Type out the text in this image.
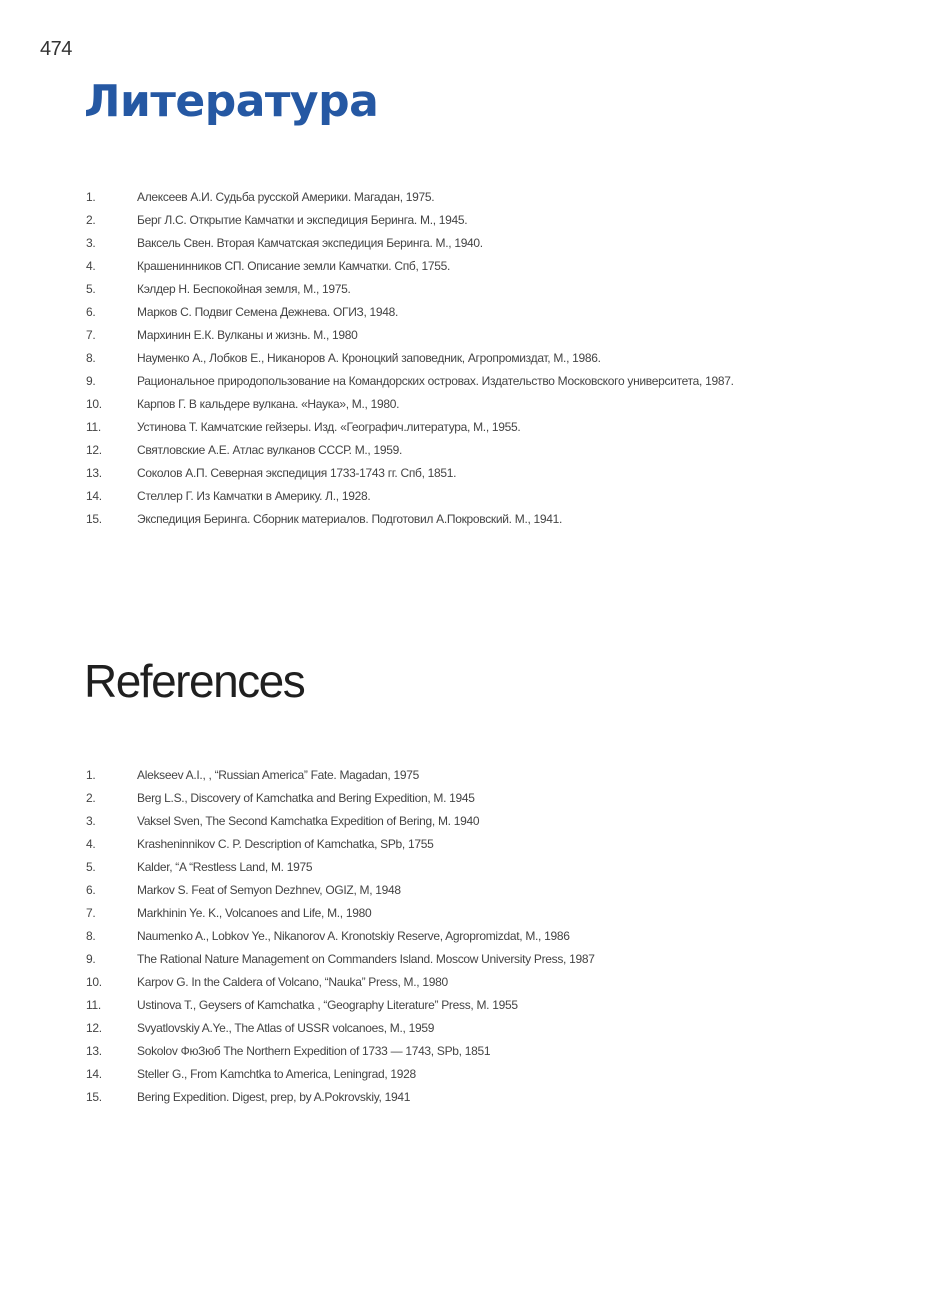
474
Литература
1.	Алексеев А.И. Судьба русской Америки. Магадан, 1975.
2.	Берг Л.С. Открытие Камчатки и экспедиция Беринга. М., 1945.
3.	Ваксель Свен. Вторая Камчатская экспедиция Беринга. М., 1940.
4.	Крашенинников СП. Описание земли Камчатки. Спб, 1755.
5.	Кэлдер Н. Беспокойная земля, М., 1975.
6.	Марков С. Подвиг Семена Дежнева. ОГИЗ, 1948.
7.	Мархинин Е.К. Вулканы и жизнь. М., 1980
8.	Науменко А., Лобков Е., Никаноров А. Кроноцкий заповедник, Агропромиздат, М., 1986.
9.	Рациональное природопользование на Командорских островах. Издательство Московского университета, 1987.
10.	Карпов Г. В кальдере вулкана. «Наука», М., 1980.
11.	Устинова Т. Камчатские гейзеры. Изд. «Географич.литература, М., 1955.
12.	Святловские А.Е. Атлас вулканов СССР. М., 1959.
13.	Соколов А.П. Северная экспедиция 1733-1743 гг. Спб, 1851.
14.	Стеллер Г. Из Камчатки в Америку. Л., 1928.
15.	Экспедиция Беринга. Сборник материалов. Подготовил А.Покровский. М., 1941.
References
1.	Alekseev A.I., , “Russian America” Fate. Magadan, 1975
2.	Berg L.S., Discovery of Kamchatka and Bering Expedition, M. 1945
3.	Vaksel Sven, The Second Kamchatka Expedition of Bering, M. 1940
4.	Krasheninnikov C. P. Description of Kamchatka, SPb, 1755
5.	Kalder, “A “Restless Land, M. 1975
6.	Markov S. Feat of Semyon Dezhnev, OGIZ, M, 1948
7.	Markhinin Ye. K., Volcanoes and Life, M., 1980
8.	Naumenko A., Lobkov Ye., Nikanorov A. Kronotskiy Reserve, Agropromizdat, M., 1986
9.	The Rational Nature Management on Commanders Island. Moscow University Press, 1987
10.	Karpov G. In the Caldera of Volcano, “Nauka” Press, M., 1980
11.	Ustinova T., Geysers of Kamchatka , “Geography Literature” Press, M. 1955
12.	Svyatlovskiy A.Ye., The Atlas of USSR volcanoes, M., 1959
13.	Sokolov ФюЗюб The Northern Expedition of 1733 — 1743, SPb, 1851
14.	Steller G., From Kamchtka to America, Leningrad, 1928
15.	Bering Expedition. Digest, prep, by A.Pokrovskiy, 1941
